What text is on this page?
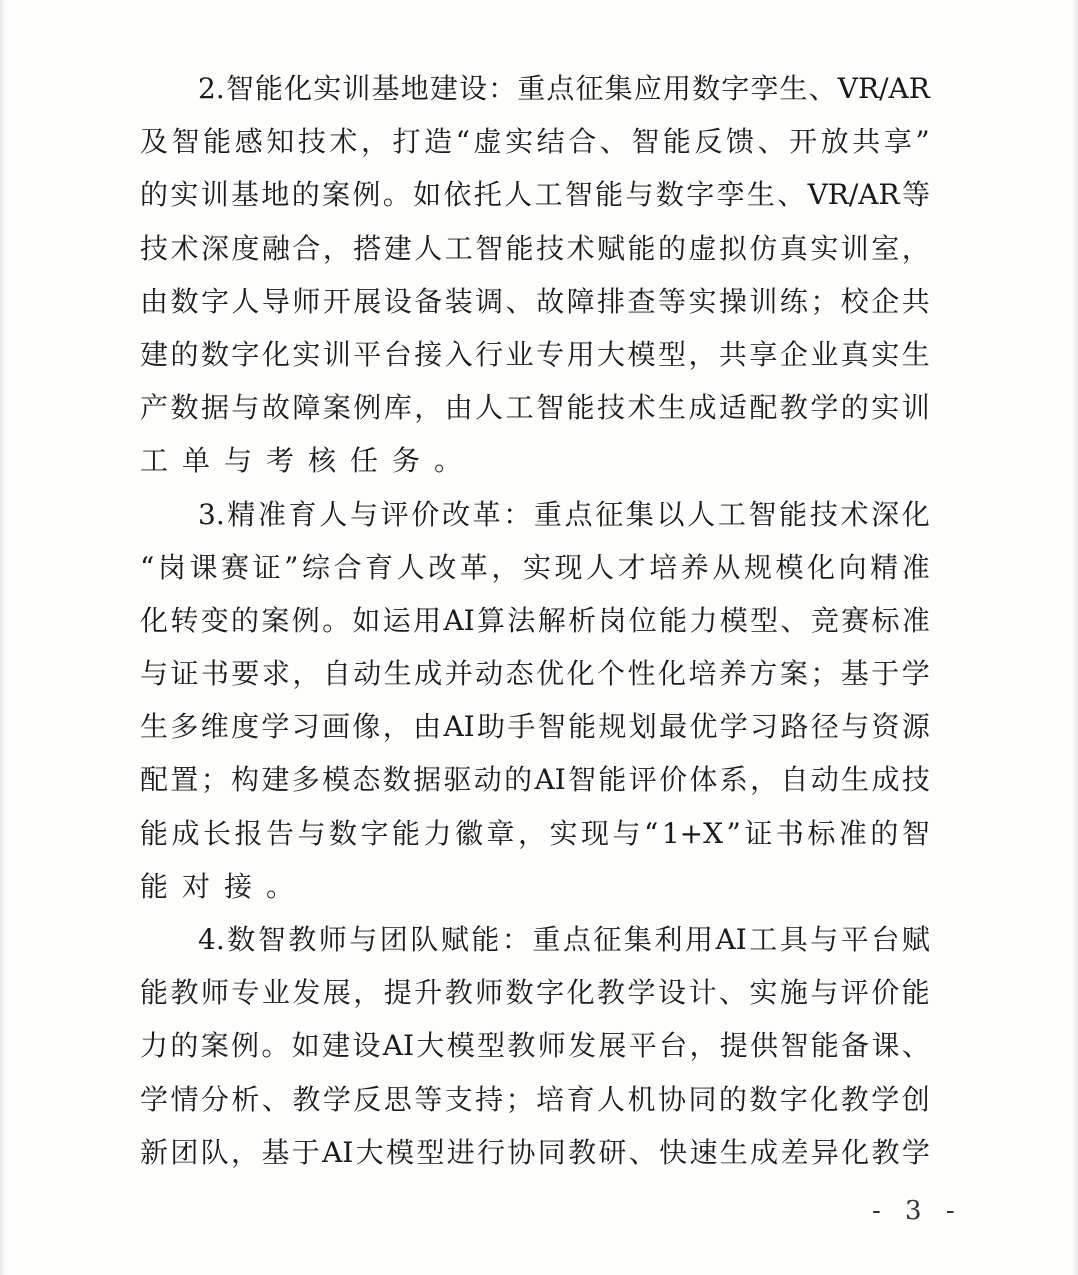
2. 智 能 化 实 训 基 地 建 设 ： 重 点 征 集 应 用 数 字 孪 生 、 VR/AR
及 智 能 感 知 技 术 ， 打 造 “ 虚 实 结 合 、 智 能 反 馈 、 开 放 共 享 ”
的 实 训 基 地 的 案 例 。 如 依 托 人 工 智 能 与 数 字 孪 生 、 VR/AR 等
技 术 深 度 融 合 ， 搭 建 人 工 智 能 技 术 赋 能 的 虚 拟 仿 真 实 训 室 ，
由 数 字 人 导 师 开 展 设 备 装 调 、 故 障 排 查 等 实 操 训 练 ； 校 企 共
建 的 数 字 化 实 训 平 台 接 入 行 业 专 用 大 模 型 ， 共 享 企 业 真 实 生
产 数 据 与 故 障 案 例 库 ， 由 人 工 智 能 技 术 生 成 适 配 教 学 的 实 训
工单与考核任务。
3. 精 准 育 人 与 评 价 改 革 ： 重 点 征 集 以 人 工 智 能 技 术 深 化
“ 岗 课 赛 证 ” 综 合 育 人 改 革 ， 实 现 人 才 培 养 从 规 模 化 向 精 准
化 转 变 的 案 例 。 如 运 用 AI 算 法 解 析 岗 位 能 力 模 型 、 竞 赛 标 准
与 证 书 要 求 ， 自 动 生 成 并 动 态 优 化 个 性 化 培 养 方 案 ； 基 于 学
生 多 维 度 学 习 画 像 ， 由 AI 助 手 智 能 规 划 最 优 学 习 路 径 与 资 源
配 置 ； 构 建 多 模 态 数 据 驱 动 的 AI 智 能 评 价 体 系 ， 自 动 生 成 技
能 成 长 报 告 与 数 字 能 力 徽 章 ， 实 现 与 “ 1+X ” 证 书 标 准 的 智
能对接。
4. 数 智 教 师 与 团 队 赋 能 ： 重 点 征 集 利 用 AI 工 具 与 平 台 赋
能 教 师 专 业 发 展 ， 提 升 教 师 数 字 化 教 学 设 计 、 实 施 与 评 价 能
力 的 案 例 。 如 建 设 AI 大 模 型 教 师 发 展 平 台 ， 提 供 智 能 备 课 、
学 情 分 析 、 教 学 反 思 等 支 持 ； 培 育 人 机 协 同 的 数 字 化 教 学 创
新 团 队 ， 基 于 AI 大 模 型 进 行 协 同 教 研 、 快 速 生 成 差 异 化 教 学
- 3 -
